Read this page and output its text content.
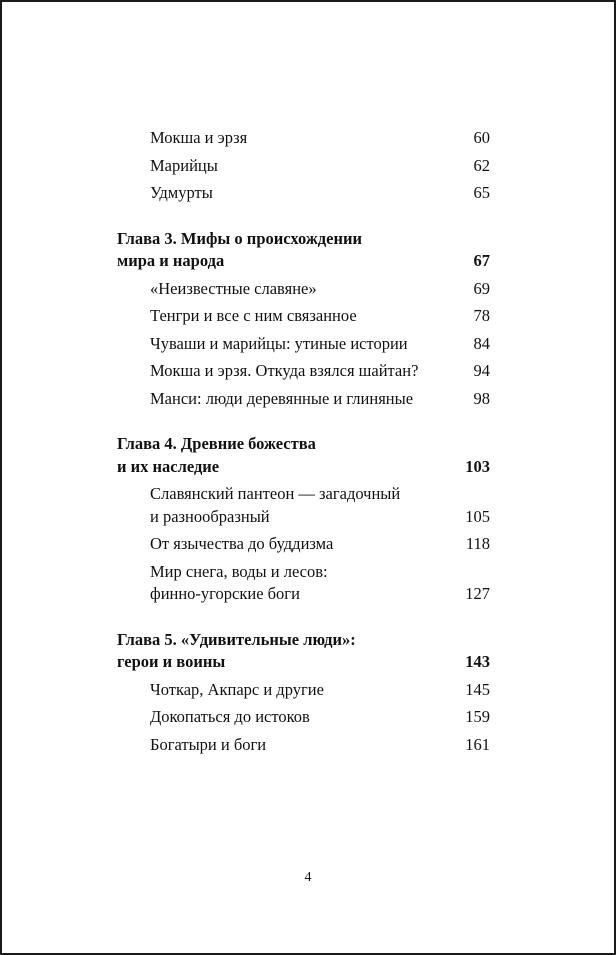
Мокша и эрзя	60
Марийцы	62
Удмурты	65
Глава 3. Мифы о происхождении
мира и народа	67
«Неизвестные славяне»	69
Тенгри и все с ним связанное	78
Чуваши и марийцы: утиные истории	84
Мокша и эрзя. Откуда взялся шайтан?	94
Манси: люди деревянные и глиняные	98
Глава 4. Древние божества
и их наследие	103
Славянский пантеон — загадочный
и разнообразный	105
От язычества до буддизма	118
Мир снега, воды и лесов:
финно-угорские боги	127
Глава 5. «Удивительные люди»:
герои и воины	143
Чоткар, Акпарс и другие	145
Докопаться до истоков	159
Богатыри и боги	161
4
